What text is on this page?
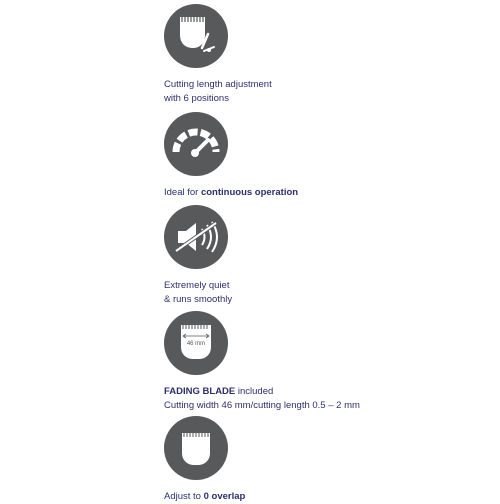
Cutting length adjustment

with 6 positions

Ideal for continuous operation

Extremely quiet

& runs smoothly

46 mm

FADING BLADE included

Cutting width 46 mm/cutting length 0.5 – 2 mm

Adjust to 0 overlap
